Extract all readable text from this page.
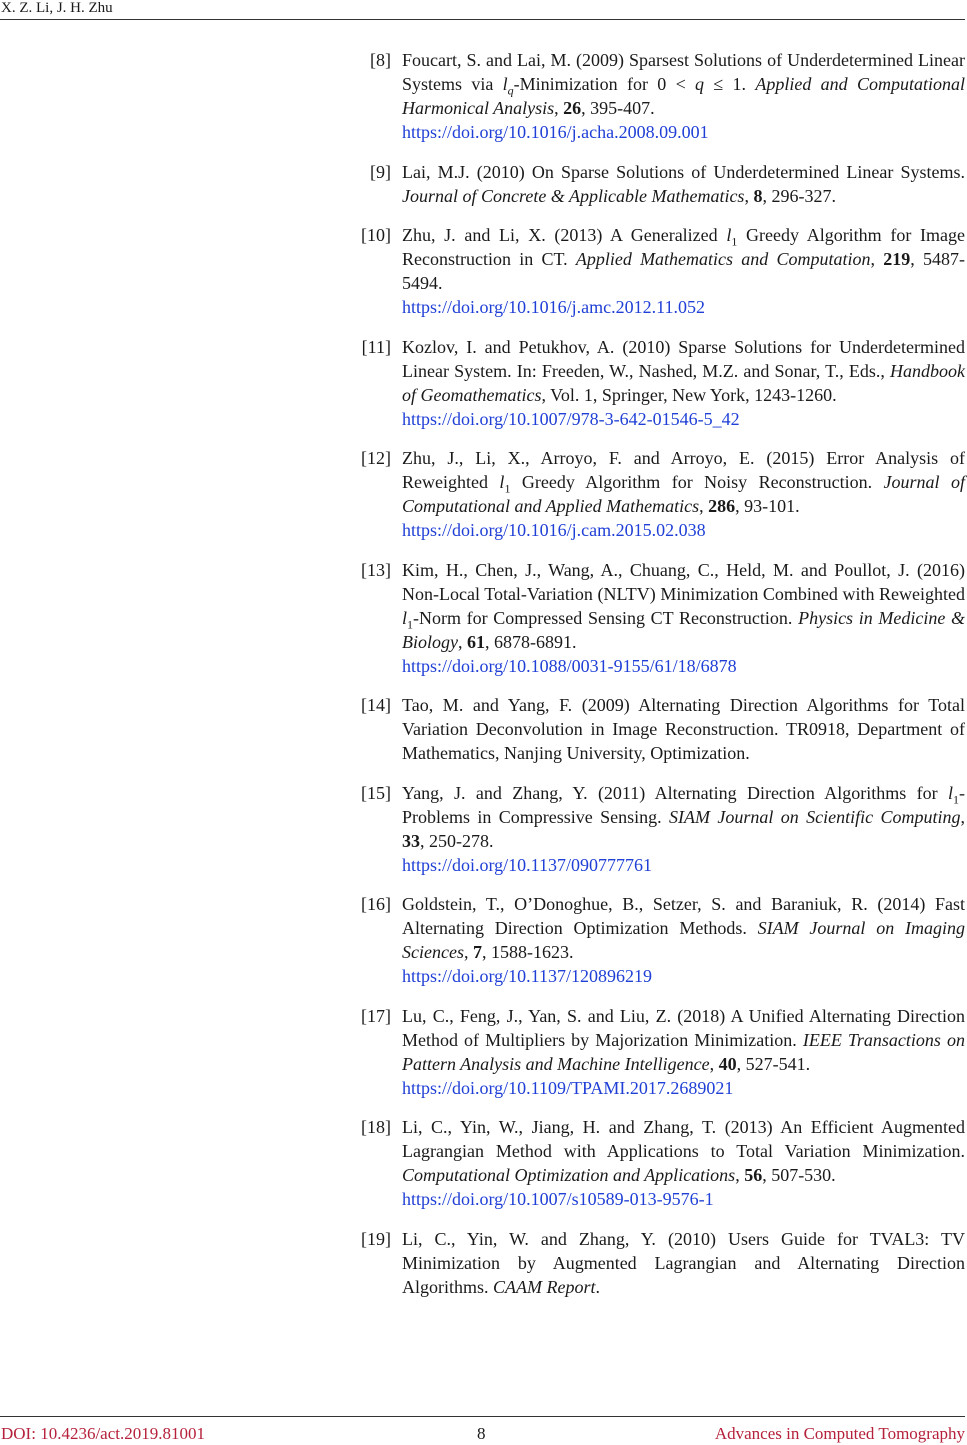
X. Z. Li, J. H. Zhu
[8] Foucart, S. and Lai, M. (2009) Sparsest Solutions of Underdetermined Linear Systems via $l_q$-Minimization for 0 < q ≤ 1. Applied and Computational Harmonical Analysis, 26, 395-407.
https://doi.org/10.1016/j.acha.2008.09.001
[9] Lai, M.J. (2010) On Sparse Solutions of Underdetermined Linear Systems. Journal of Concrete & Applicable Mathematics, 8, 296-327.
[10] Zhu, J. and Li, X. (2013) A Generalized $l_1$ Greedy Algorithm for Image Reconstruction in CT. Applied Mathematics and Computation, 219, 5487-5494.
https://doi.org/10.1016/j.amc.2012.11.052
[11] Kozlov, I. and Petukhov, A. (2010) Sparse Solutions for Underdetermined Linear System. In: Freeden, W., Nashed, M.Z. and Sonar, T., Eds., Handbook of Geomathematics, Vol. 1, Springer, New York, 1243-1260.
https://doi.org/10.1007/978-3-642-01546-5_42
[12] Zhu, J., Li, X., Arroyo, F. and Arroyo, E. (2015) Error Analysis of Reweighted $l_1$ Greedy Algorithm for Noisy Reconstruction. Journal of Computational and Applied Mathematics, 286, 93-101.
https://doi.org/10.1016/j.cam.2015.02.038
[13] Kim, H., Chen, J., Wang, A., Chuang, C., Held, M. and Poullot, J. (2016) Non-Local Total-Variation (NLTV) Minimization Combined with Reweighted $l_1$-Norm for Compressed Sensing CT Reconstruction. Physics in Medicine & Biology, 61, 6878-6891.
https://doi.org/10.1088/0031-9155/61/18/6878
[14] Tao, M. and Yang, F. (2009) Alternating Direction Algorithms for Total Variation Deconvolution in Image Reconstruction. TR0918, Department of Mathematics, Nanjing University, Optimization.
[15] Yang, J. and Zhang, Y. (2011) Alternating Direction Algorithms for $l_1$-Problems in Compressive Sensing. SIAM Journal on Scientific Computing, 33, 250-278.
https://doi.org/10.1137/090777761
[16] Goldstein, T., O’Donoghue, B., Setzer, S. and Baraniuk, R. (2014) Fast Alternating Direction Optimization Methods. SIAM Journal on Imaging Sciences, 7, 1588-1623.
https://doi.org/10.1137/120896219
[17] Lu, C., Feng, J., Yan, S. and Liu, Z. (2018) A Unified Alternating Direction Method of Multipliers by Majorization Minimization. IEEE Transactions on Pattern Analysis and Machine Intelligence, 40, 527-541.
https://doi.org/10.1109/TPAMI.2017.2689021
[18] Li, C., Yin, W., Jiang, H. and Zhang, T. (2013) An Efficient Augmented Lagrangian Method with Applications to Total Variation Minimization. Computational Optimization and Applications, 56, 507-530.
https://doi.org/10.1007/s10589-013-9576-1
[19] Li, C., Yin, W. and Zhang, Y. (2010) Users Guide for TVAL3: TV Minimization by Augmented Lagrangian and Alternating Direction Algorithms. CAAM Report.
DOI: 10.4236/act.2019.81001	8	Advances in Computed Tomography
